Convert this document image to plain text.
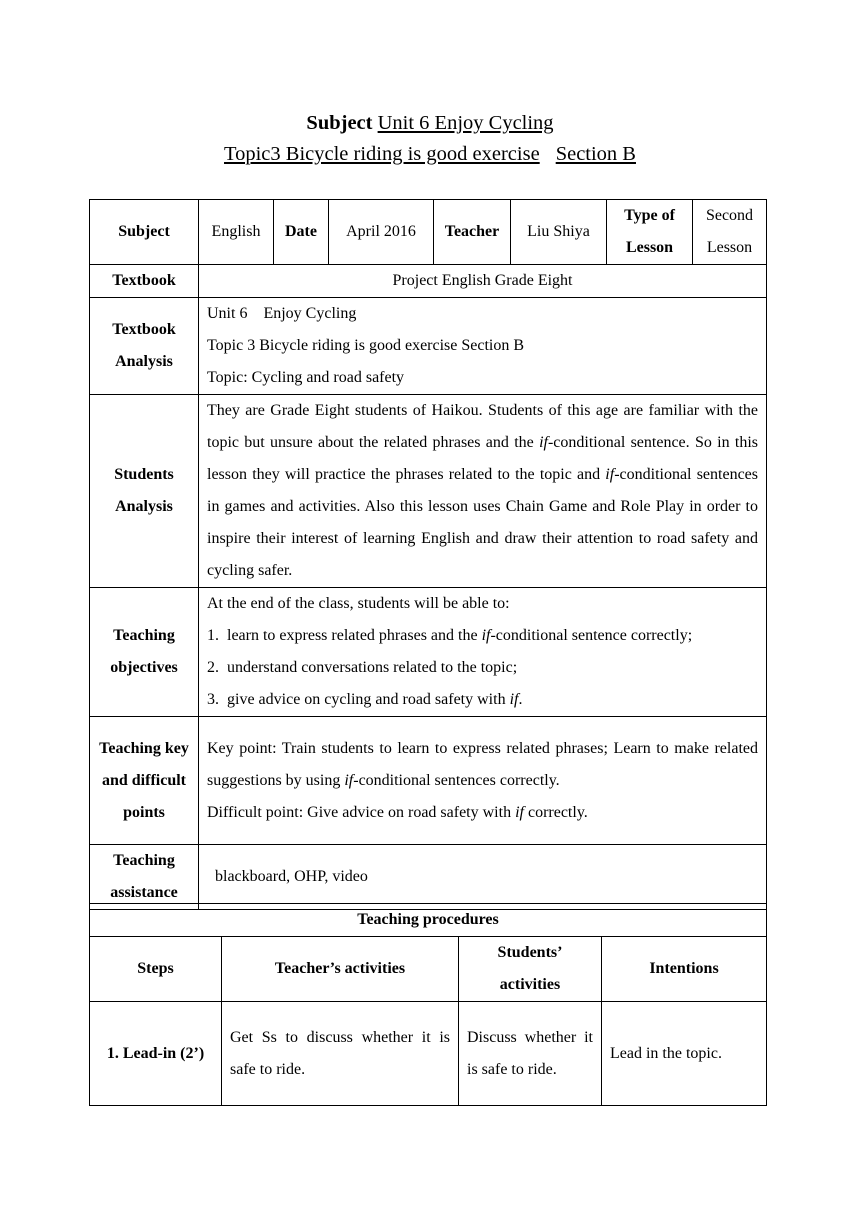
Subject Unit 6 Enjoy Cycling
Topic3 Bicycle riding is good exercise Section B
Subject	English	Date	April 2016	Teacher	Liu Shiya	Type of Lesson	Second Lesson
Textbook	Project English Grade Eight						
Textbook Analysis	Unit 6    Enjoy Cycling

Topic 3 Bicycle riding is good exercise Section B

Topic: Cycling and road safety						

Students Analysis	They are Grade Eight students of Haikou. Students of this age are familiar with the topic but unsure about the related phrases and the if-conditional sentence. So in this lesson they will practice the phrases related to the topic and if-conditional sentences in games and activities. Also this lesson uses Chain Game and Role Play in order to inspire their interest of learning English and draw their attention to road safety and cycling safer.						
Teaching objectives	At the end of the class, students will be able to:

1.  learn to express related phrases and the if-conditional sentence correctly;

2.  understand conversations related to the topic;

3.  give advice on cycling and road safety with if.						

Teaching key and difficult points	Key point: Train students to learn to express related phrases; Learn to make related suggestions by using if-conditional sentences correctly.

Difficult point: Give advice on road safety with if correctly.						

Teaching assistance	blackboard, OHP, video						
Teaching procedures			
Steps	Teacher’s activities	Students’ activities	Intentions
1. Lead-in (2’)	Get Ss to discuss whether it is safe to ride.	Discuss whether it is safe to ride.	Lead in the topic.
